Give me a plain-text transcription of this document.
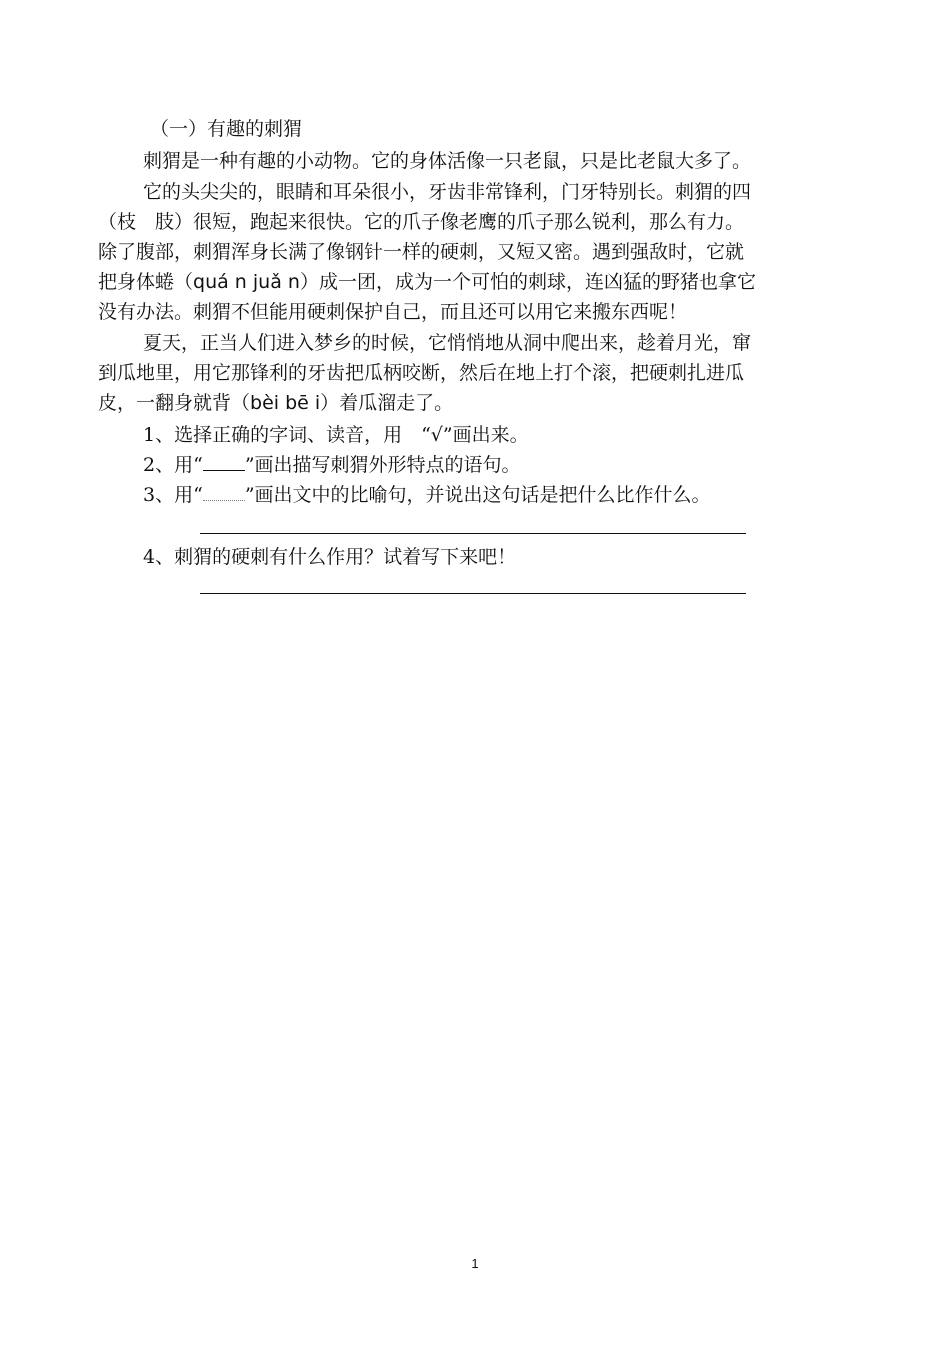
（一）有趣的刺猬
刺猬是一种有趣的小动物。它的身体活像一只老鼠，只是比老鼠大多了。
它的头尖尖的，眼睛和耳朵很小，牙齿非常锋利，门牙特别长。刺猬的四
（枝　肢）很短，跑起来很快。它的爪子像老鹰的爪子那么锐利，那么有力。
除了腹部，刺猬浑身长满了像钢针一样的硬刺，又短又密。遇到强敌时，它就
把身体蜷（quá n juǎ n）成一团，成为一个可怕的刺球，连凶猛的野猪也拿它
没有办法。刺猬不但能用硬刺保护自己，而且还可以用它来搬东西呢！
夏天，正当人们进入梦乡的时候，它悄悄地从洞中爬出来，趁着月光，窜
到瓜地里，用它那锋利的牙齿把瓜柄咬断，然后在地上打个滚，把硬刺扎进瓜
皮，一翻身就背（bèi bē i）着瓜溜走了。
1、选择正确的字词、读音，用　“√”画出来。
2、用“ ”画出描写刺猬外形特点的语句。
3、用“ ”画出文中的比喻句，并说出这句话是把什么比作什么。
4、刺猬的硬刺有什么作用？试着写下来吧！
1
